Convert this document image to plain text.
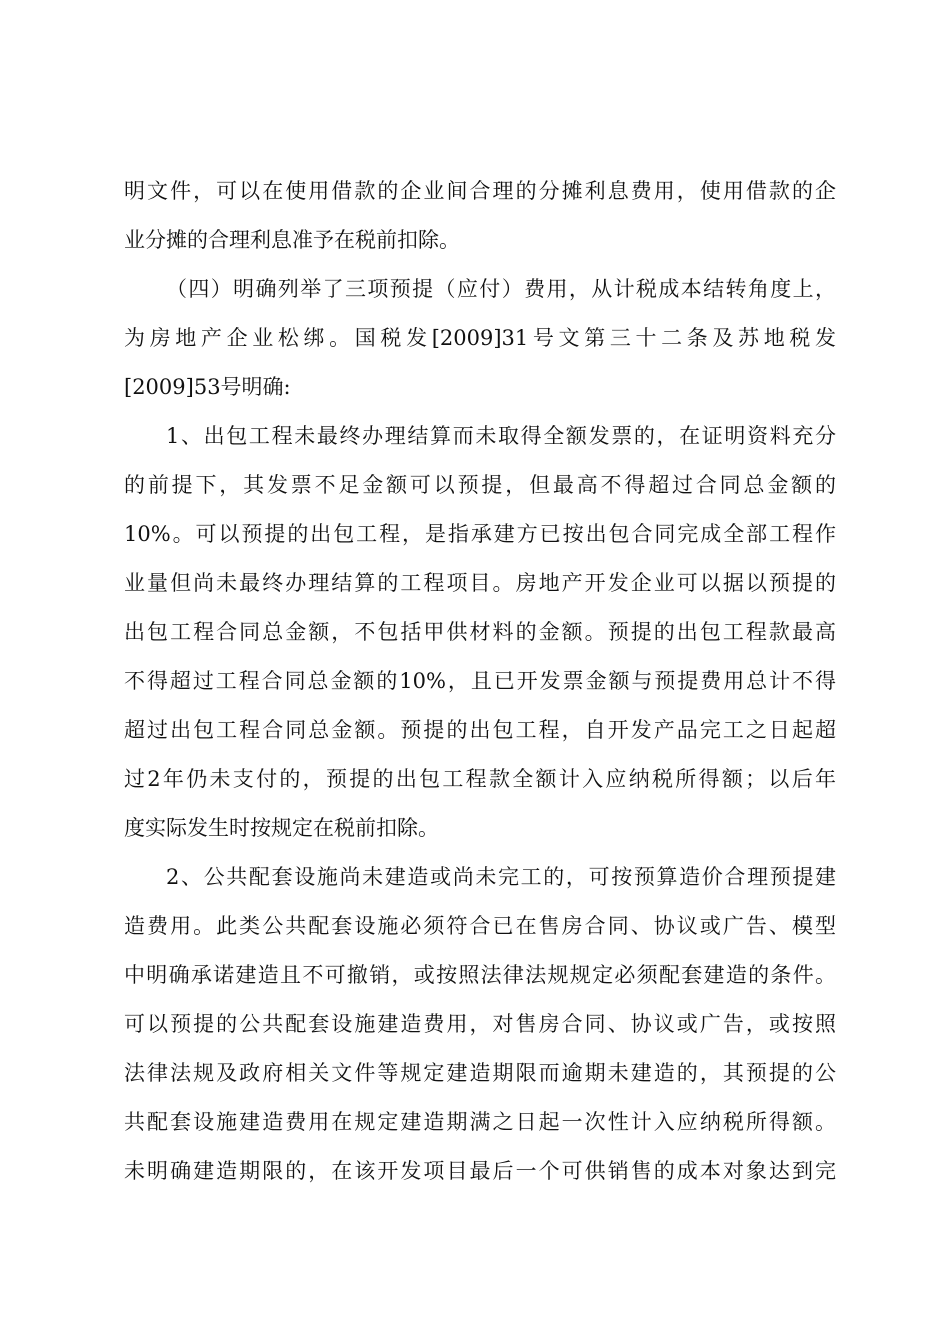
明文件，可以在使用借款的企业间合理的分摊利息费用，使用借款的企
业分摊的合理利息准予在税前扣除。
（四）明确列举了三项预提（应付）费用，从计税成本结转角度上，
为房地产企业松绑。国税发[2009]31号文第三十二条及苏地税发
[2009]53号明确:
1、出包工程未最终办理结算而未取得全额发票的，在证明资料充分
的前提下，其发票不足金额可以预提，但最高不得超过合同总金额的
10%。可以预提的出包工程，是指承建方已按出包合同完成全部工程作
业量但尚未最终办理结算的工程项目。房地产开发企业可以据以预提的
出包工程合同总金额，不包括甲供材料的金额。预提的出包工程款最高
不得超过工程合同总金额的10%，且已开发票金额与预提费用总计不得
超过出包工程合同总金额。预提的出包工程，自开发产品完工之日起超
过2年仍未支付的，预提的出包工程款全额计入应纳税所得额；以后年
度实际发生时按规定在税前扣除。
2、公共配套设施尚未建造或尚未完工的，可按预算造价合理预提建
造费用。此类公共配套设施必须符合已在售房合同、协议或广告、模型
中明确承诺建造且不可撤销，或按照法律法规规定必须配套建造的条件。
可以预提的公共配套设施建造费用，对售房合同、协议或广告，或按照
法律法规及政府相关文件等规定建造期限而逾期未建造的，其预提的公
共配套设施建造费用在规定建造期满之日起一次性计入应纳税所得额。
未明确建造期限的，在该开发项目最后一个可供销售的成本对象达到完
